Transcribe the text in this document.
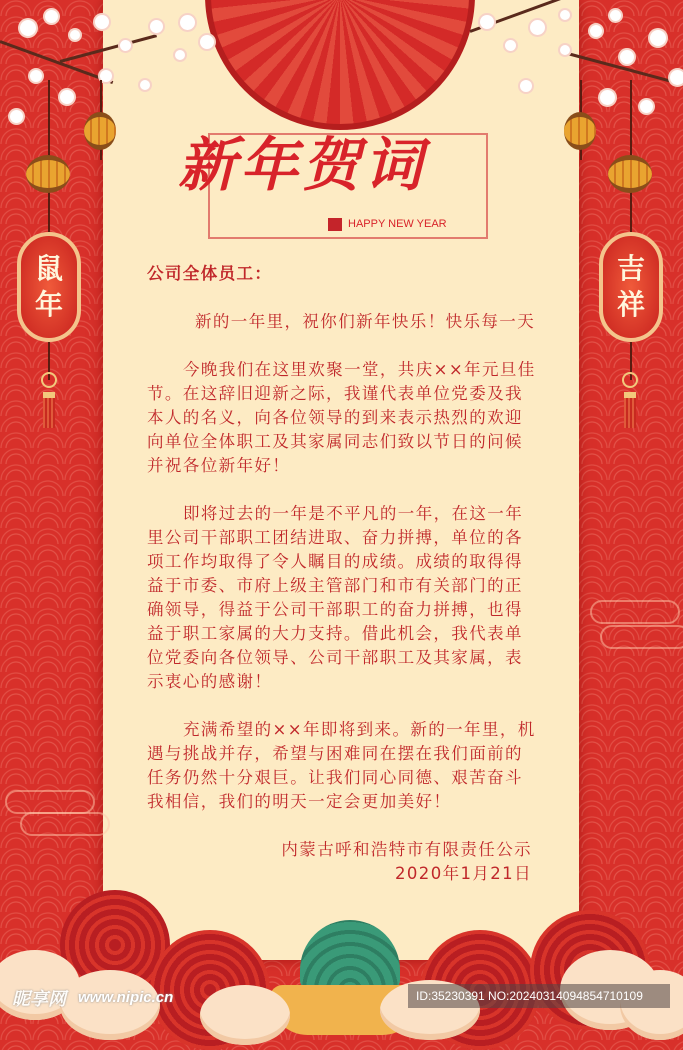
鼠
年
吉
祥
新年贺词
HAPPY NEW YEAR
公司全体员工：
新的一年里，祝你们新年快乐！快乐每一天
今晚我们在这里欢聚一堂，共庆××年元旦佳
节。在这辞旧迎新之际，我谨代表单位党委及我
本人的名义，向各位领导的到来表示热烈的欢迎
向单位全体职工及其家属同志们致以节日的问候
并祝各位新年好！
即将过去的一年是不平凡的一年，在这一年
里公司干部职工团结进取、奋力拼搏，单位的各
项工作均取得了令人瞩目的成绩。成绩的取得得
益于市委、市府上级主管部门和市有关部门的正
确领导，得益于公司干部职工的奋力拼搏，也得
益于职工家属的大力支持。借此机会，我代表单
位党委向各位领导、公司干部职工及其家属，表
示衷心的感谢！
充满希望的××年即将到来。新的一年里，机
遇与挑战并存，希望与困难同在摆在我们面前的
任务仍然十分艰巨。让我们同心同德、艰苦奋斗
我相信，我们的明天一定会更加美好！
内蒙古呼和浩特市有限责任公示
2020年1月21日
昵享网 www.nipic.cn	ID:35230391 NO:20240314094854710109
